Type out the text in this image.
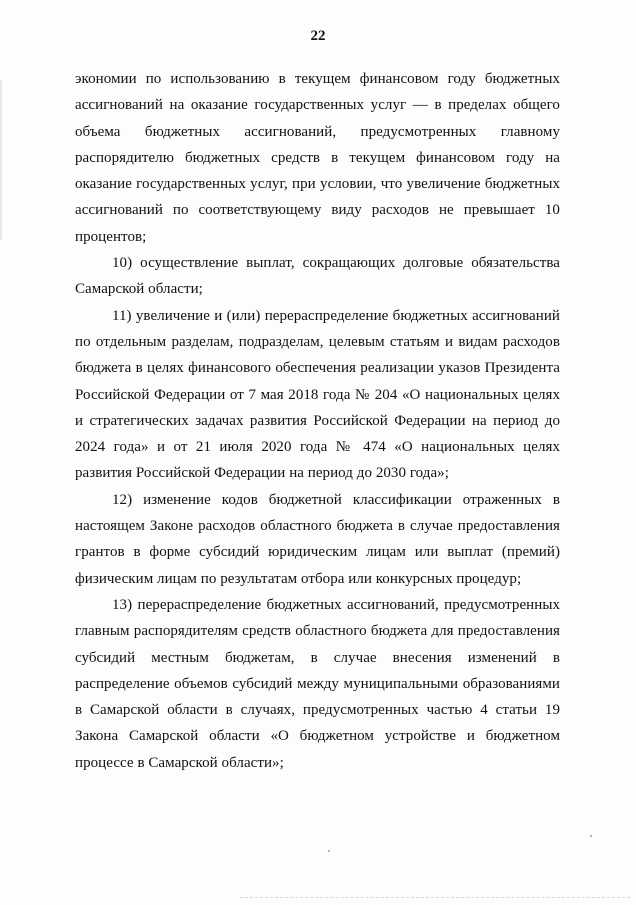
22

экономии по использованию в текущем финансовом году бюджетных ассигнований на оказание государственных услуг — в пределах общего объема бюджетных ассигнований, предусмотренных главному распорядителю бюджетных средств в текущем финансовом году на оказание государственных услуг, при условии, что увеличение бюджетных ассигнований по соответствующему виду расходов не превышает 10 процентов;

10) осуществление выплат, сокращающих долговые обязательства Самарской области;

11) увеличение и (или) перераспределение бюджетных ассигнований по отдельным разделам, подразделам, целевым статьям и видам расходов бюджета в целях финансового обеспечения реализации указов Президента Российской Федерации от 7 мая 2018 года № 204 «О национальных целях и стратегических задачах развития Российской Федерации на период до 2024 года» и от 21 июля 2020 года № 474 «О национальных целях развития Российской Федерации на период до 2030 года»;

12) изменение кодов бюджетной классификации отраженных в настоящем Законе расходов областного бюджета в случае предоставления грантов в форме субсидий юридическим лицам или выплат (премий) физическим лицам по результатам отбора или конкурсных процедур;

13) перераспределение бюджетных ассигнований, предусмотренных главным распорядителям средств областного бюджета для предоставления субсидий местным бюджетам, в случае внесения изменений в распределение объемов субсидий между муниципальными образованиями в Самарской области в случаях, предусмотренных частью 4 статьи 19 Закона Самарской области «О бюджетном устройстве и бюджетном процессе в Самарской области»;
